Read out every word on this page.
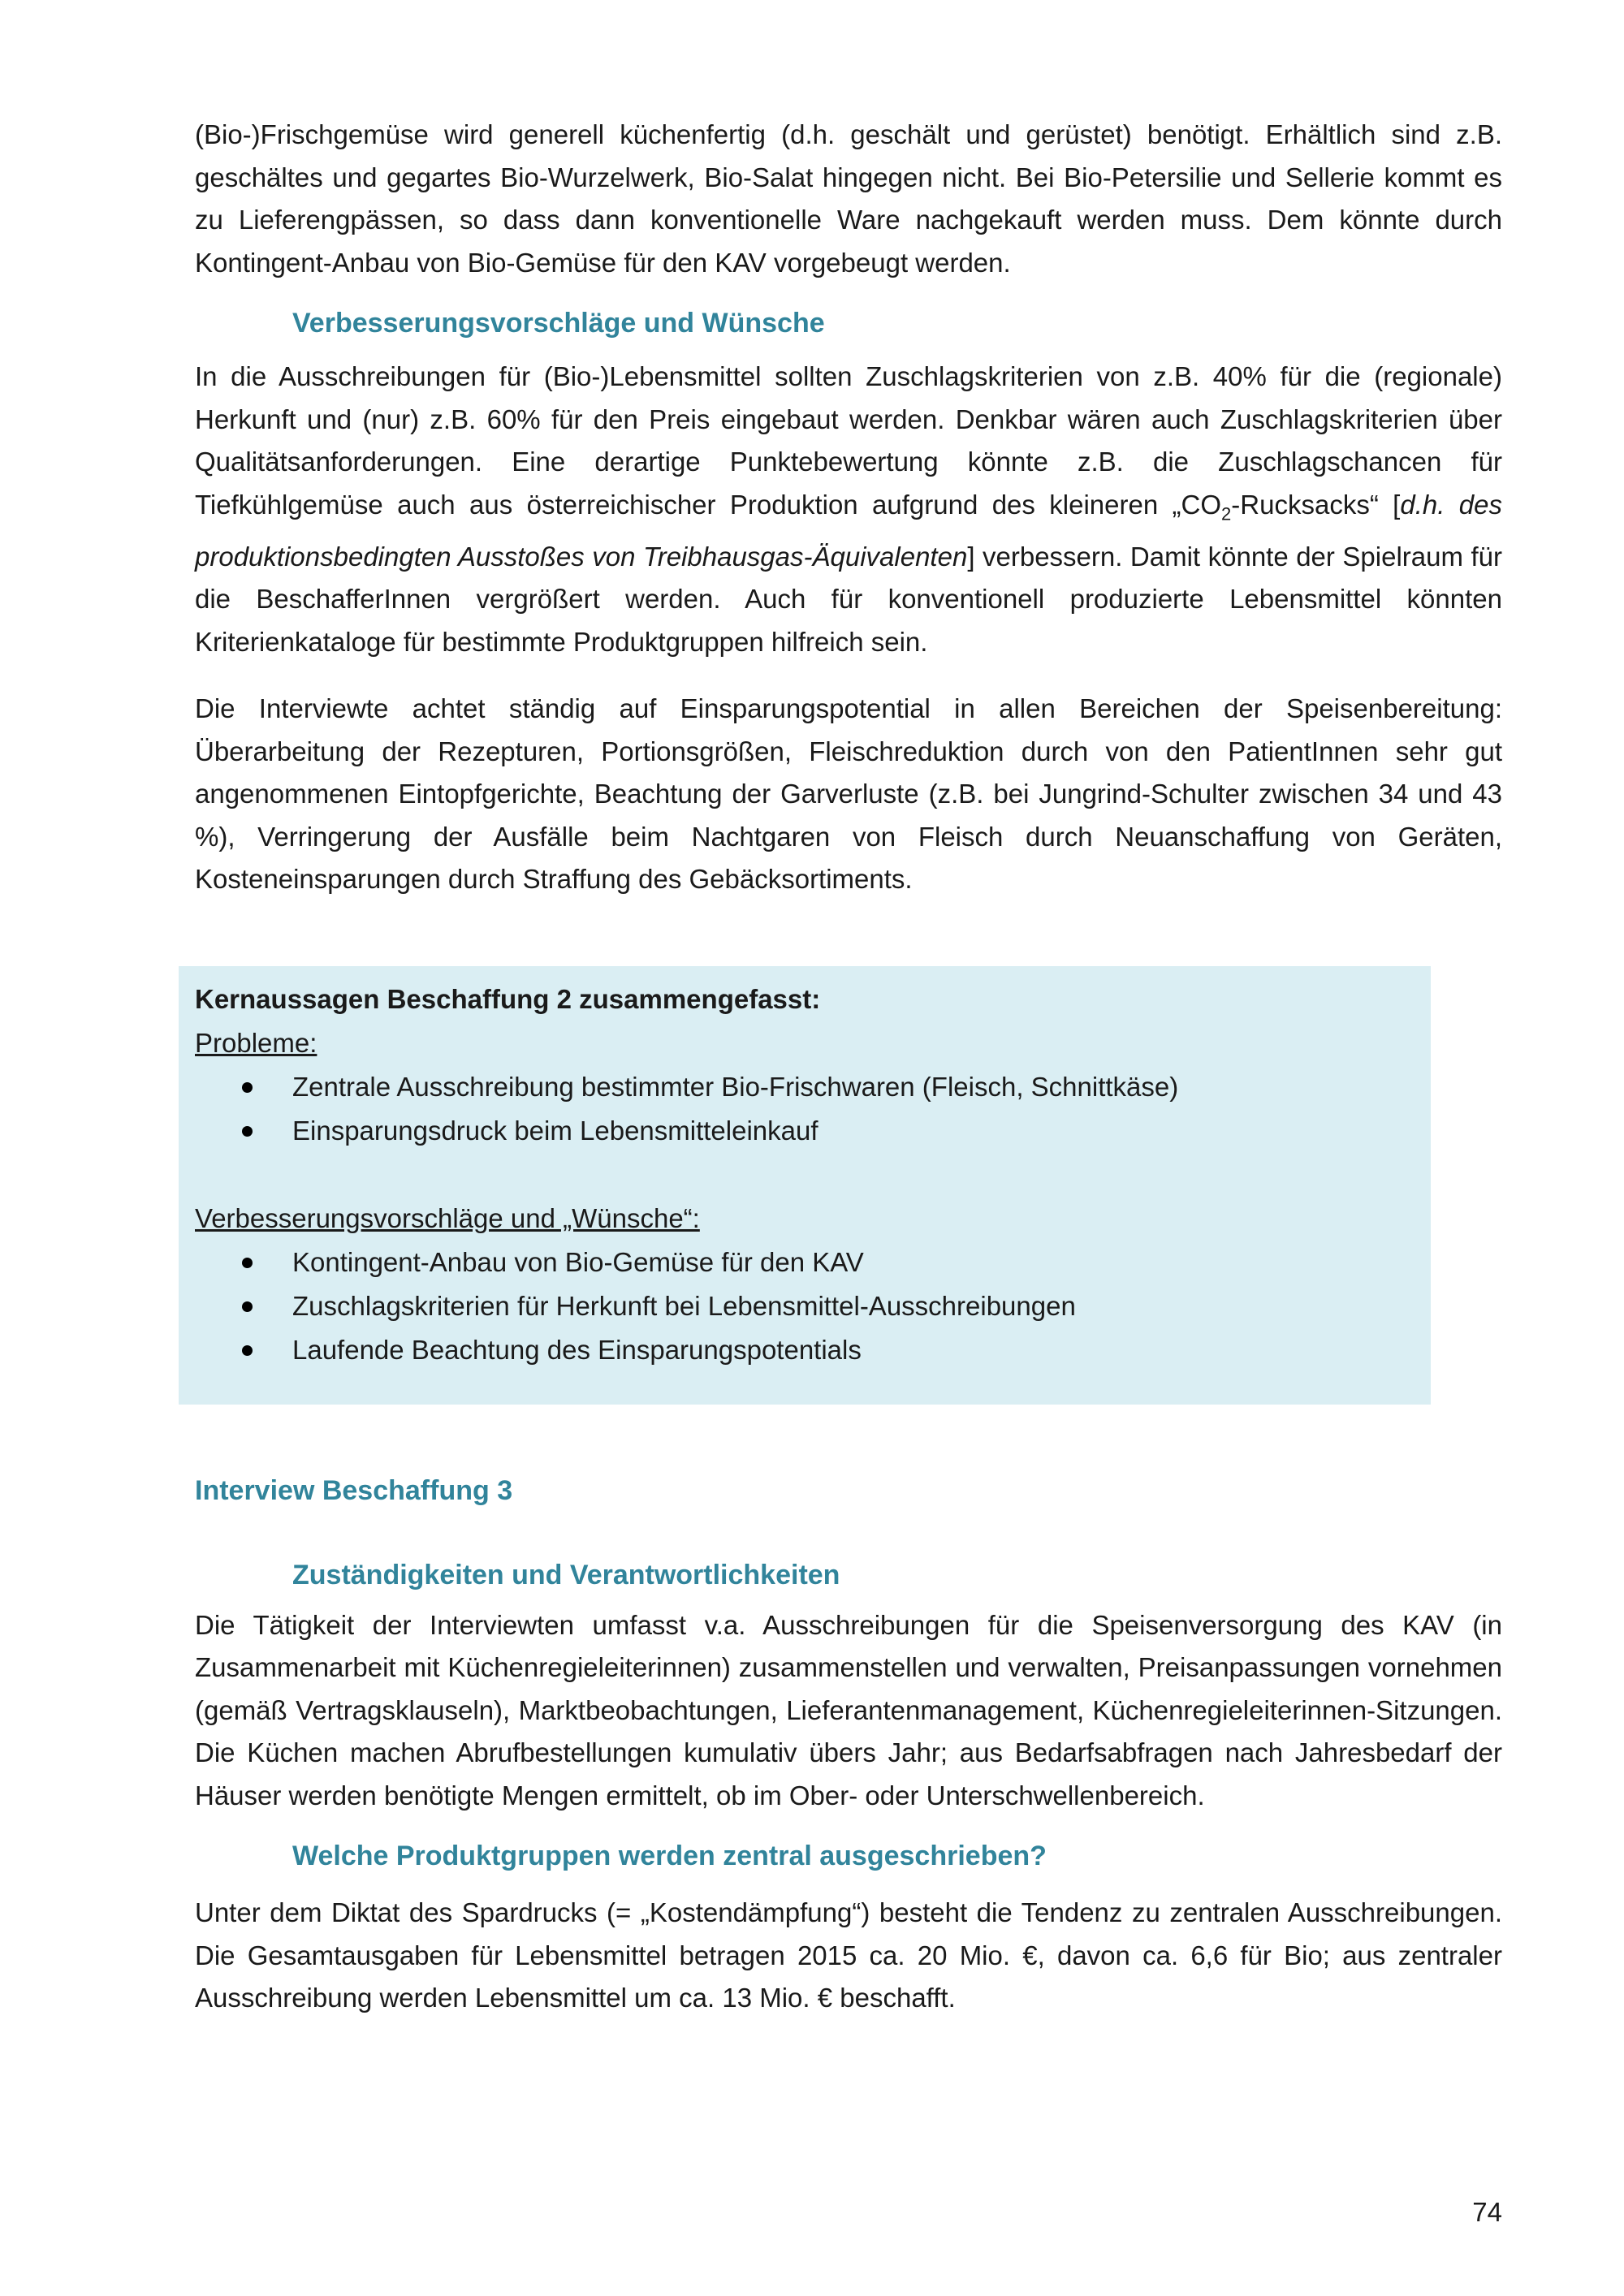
(Bio-)Frischgemüse wird generell küchenfertig (d.h. geschält und gerüstet) benötigt. Erhältlich sind z.B. geschältes und gegartes Bio-Wurzelwerk, Bio-Salat hingegen nicht. Bei Bio-Petersilie und Sellerie kommt es zu Lieferengpässen, so dass dann konventionelle Ware nachgekauft werden muss. Dem könnte durch Kontingent-Anbau von Bio-Gemüse für den KAV vorgebeugt werden.

Verbesserungsvorschläge und Wünsche

In die Ausschreibungen für (Bio-)Lebensmittel sollten Zuschlagskriterien von z.B. 40% für die (regionale) Herkunft und (nur) z.B. 60% für den Preis eingebaut werden. Denkbar wären auch Zuschlagskriterien über Qualitätsanforderungen. Eine derartige Punktebewertung könnte z.B. die Zuschlagschancen für Tiefkühlgemüse auch aus österreichischer Produktion aufgrund des kleineren $„CO_2-Rucksacks“$ [d.h. des produktionsbedingten Ausstoßes von Treibhausgas-Äquivalenten] verbessern. Damit könnte der Spielraum für die BeschafferInnen vergrößert werden. Auch für konventionell produzierte Lebensmittel könnten Kriterienkataloge für bestimmte Produktgruppen hilfreich sein.

Die Interviewte achtet ständig auf Einsparungspotential in allen Bereichen der Speisenbereitung: Überarbeitung der Rezepturen, Portionsgrößen, Fleischreduktion durch von den PatientInnen sehr gut angenommenen Eintopfgerichte, Beachtung der Garverluste (z.B. bei Jungrind-Schulter zwischen 34 und 43 %), Verringerung der Ausfälle beim Nachtgaren von Fleisch durch Neuanschaffung von Geräten, Kosteneinsparungen durch Straffung des Gebäcksortiments.

Kernaussagen Beschaffung 2 zusammengefasst:

Probleme:

Zentrale Ausschreibung bestimmter Bio-Frischwaren (Fleisch, Schnittkäse)
Einsparungsdruck beim Lebensmitteleinkauf

Verbesserungsvorschläge und „Wünsche“:

Kontingent-Anbau von Bio-Gemüse für den KAV
Zuschlagskriterien für Herkunft bei Lebensmittel-Ausschreibungen
Laufende Beachtung des Einsparungspotentials
Interview Beschaffung 3
Zuständigkeiten und Verantwortlichkeiten

Die Tätigkeit der Interviewten umfasst v.a. Ausschreibungen für die Speisenversorgung des KAV (in Zusammenarbeit mit Küchenregieleiterinnen) zusammenstellen und verwalten, Preisanpassungen vornehmen (gemäß Vertragsklauseln), Marktbeobachtungen, Lieferantenmanagement, Küchenregieleiterinnen-Sitzungen. Die Küchen machen Abrufbestellungen kumulativ übers Jahr; aus Bedarfsabfragen nach Jahresbedarf der Häuser werden benötigte Mengen ermittelt, ob im Ober- oder Unterschwellenbereich.

Welche Produktgruppen werden zentral ausgeschrieben?

Unter dem Diktat des Spardrucks (= „Kostendämpfung“) besteht die Tendenz zu zentralen Ausschreibungen. Die Gesamtausgaben für Lebensmittel betragen 2015 ca. 20 Mio. €, davon ca. 6,6 für Bio; aus zentraler Ausschreibung werden Lebensmittel um ca. 13 Mio. € beschafft.

74
